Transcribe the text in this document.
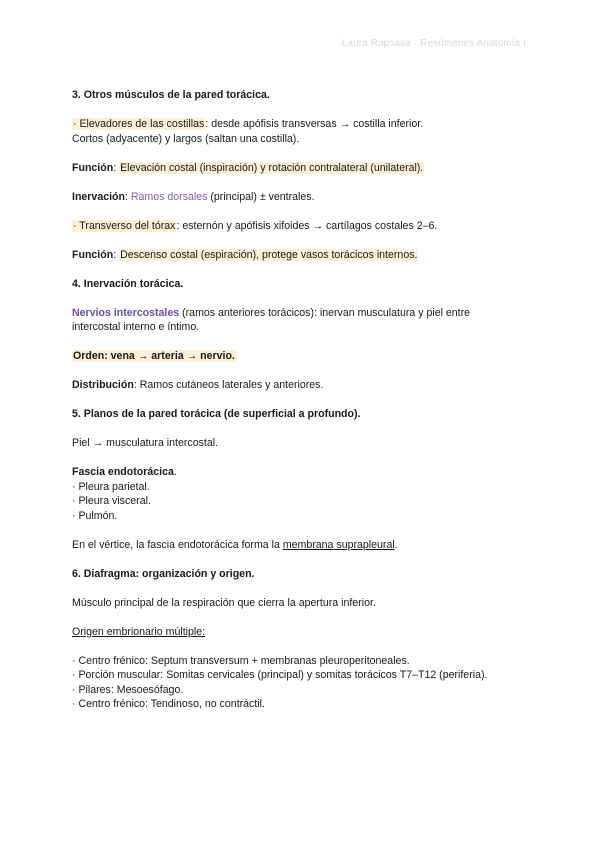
Laura Rapsasa · Resúmenes Anatomía I

3. Otros músculos de la pared torácica.

· Elevadores de las costillas: desde apófisis transversas → costilla inferior.

Cortos (adyacente) y largos (saltan una costilla).

Función: Elevación costal (inspiración) y rotación contralateral (unilateral).

Inervación: Ramos dorsales (principal) ± ventrales.

· Transverso del tórax: esternón y apófisis xifoides → cartílagos costales 2–6.

Función: Descenso costal (espiración), protege vasos torácicos internos.

4. Inervación torácica.

Nervios intercostales (ramos anteriores torácicos): inervan musculatura y piel entre

intercostal interno e íntimo.

Orden: vena → arteria → nervio.

Distribución: Ramos cutáneos laterales y anteriores.

5. Planos de la pared torácica (de superficial a profundo).

Piel → musculatura intercostal.

Fascia endotorácica.

· Pleura parietal.

· Pleura visceral.

· Pulmón.

En el vértice, la fascia endotorácica forma la membrana suprapleural.

6. Diafragma: organización y origen.

Músculo principal de la respiración que cierra la apertura inferior.

Origen embrionario múltiple:

· Centro frénico: Septum transversum + membranas pleuroperitoneales.

· Porción muscular: Somitas cervicales (principal) y somitas torácicos T7–T12 (periferia).

· Pilares: Mesoesófago.

· Centro frénico: Tendinoso, no contráctil.
